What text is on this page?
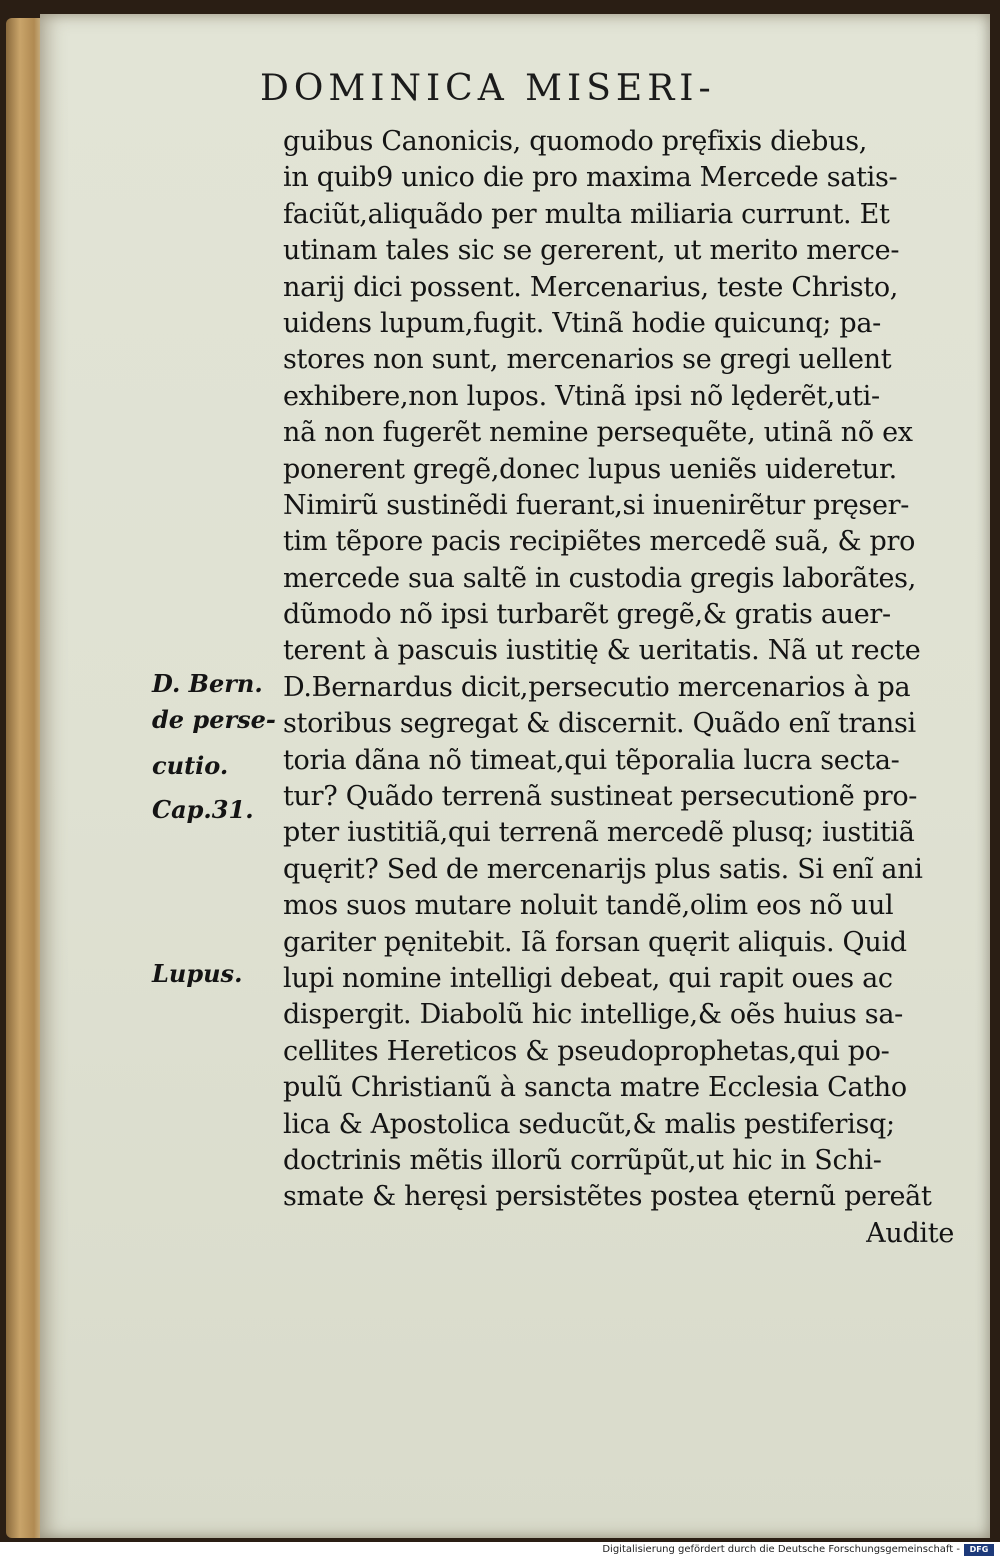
DOMINICA MISERI-
guibus Canonicis, quomodo pręfixis diebus,
in quib9 unico die pro maxima Mercede satis-
faciũt,aliquãdo per multa miliaria currunt. Et
utinam tales sic se gererent, ut merito merce-
narij dici possent. Mercenarius, teste Christo,
uidens lupum,fugit. Vtinã hodie quicunq; pa-
stores non sunt, mercenarios se gregi uellent
exhibere,non lupos. Vtinã ipsi nõ lęderẽt,uti-
nã non fugerẽt nemine persequẽte, utinã nõ ex
ponerent gregẽ,donec lupus ueniẽs uideretur.
Nimirũ sustinẽdi fuerant,si inuenirẽtur pręser-
tim tẽpore pacis recipiẽtes mercedẽ suã, & pro
mercede sua saltẽ in custodia gregis laborãtes,
dũmodo nõ ipsi turbarẽt gregẽ,& gratis auer-
terent à pascuis iustitię & ueritatis. Nã ut recte
D.Bernardus dicit,persecutio mercenarios à pa
storibus segregat & discernit. Quãdo enĩ transi
toria dãna nõ timeat,qui tẽporalia lucra secta-
tur? Quãdo terrenã sustineat persecutionẽ pro-
pter iustitiã,qui terrenã mercedẽ plusq; iustitiã
quęrit? Sed de mercenarijs plus satis. Si enĩ ani
mos suos mutare noluit tandẽ,olim eos nõ uul
gariter pęnitebit. Iã forsan quęrit aliquis. Quid
lupi nomine intelligi debeat, qui rapit oues ac
dispergit. Diabolũ hic intellige,& oẽs huius sa-
cellites Hereticos & pseudoprophetas,qui po-
pulũ Christianũ à sancta matre Ecclesia Catho
lica & Apostolica seducũt,& malis pestiferisq;
doctrinis mẽtis illorũ corrũpũt,ut hic in Schi-
smate & heręsi persistẽtes postea ęternũ pereãt
Audite
D. Bern.
de perse-
cutio.
Cap.31.
Lupus.
Digitalisierung gefördert durch die Deutsche Forschungsgemeinschaft -	DFG
